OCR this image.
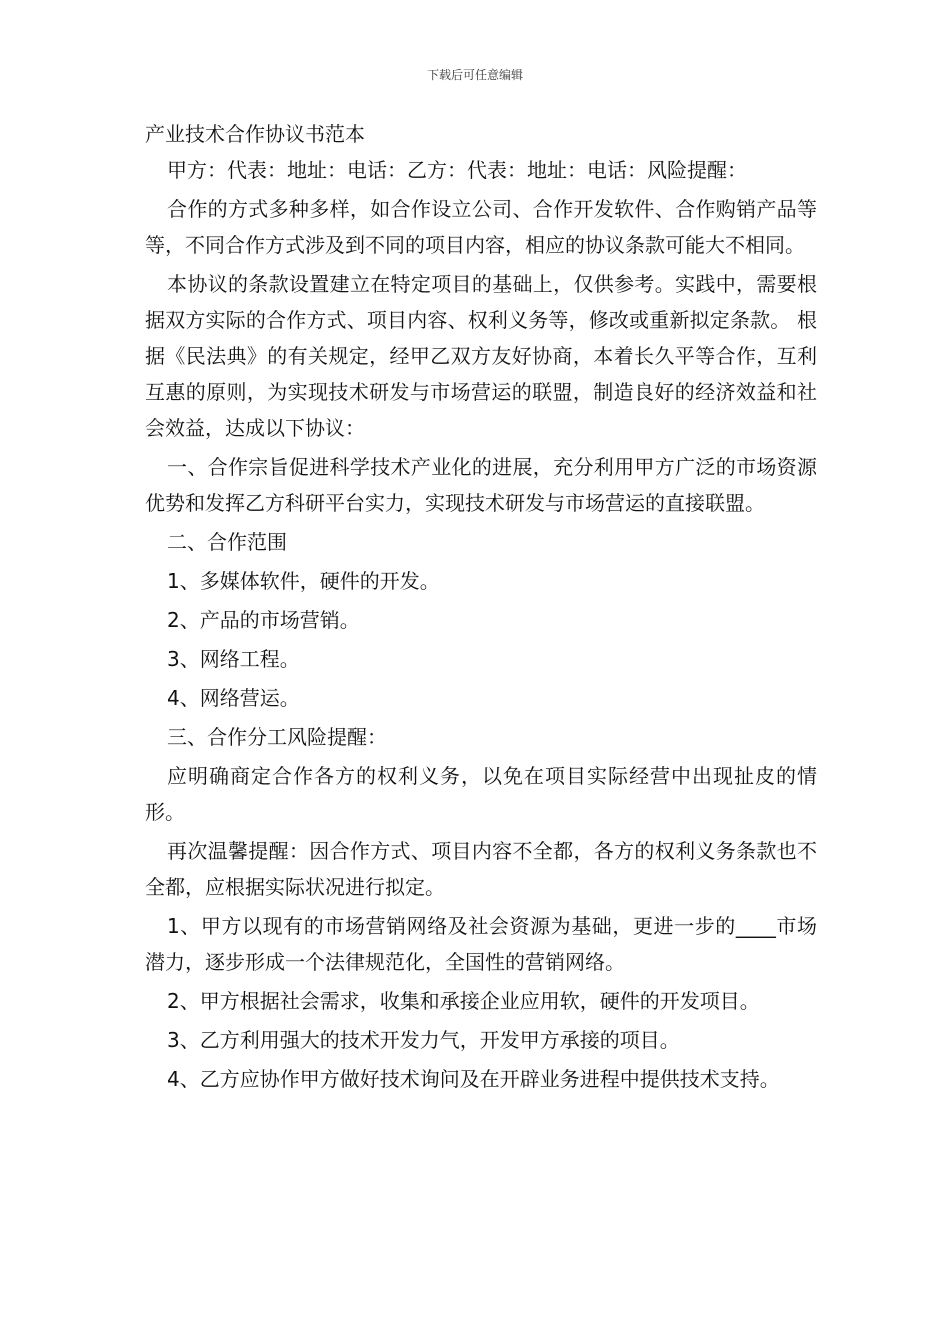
下载后可任意编辑

产业技术合作协议书范本

甲方：代表：地址：电话：乙方：代表：地址：电话：风险提醒：

合作的方式多种多样，如合作设立公司、合作开发软件、合作购销产品等等，不同合作方式涉及到不同的项目内容，相应的协议条款可能大不相同。

本协议的条款设置建立在特定项目的基础上，仅供参考。实践中，需要根据双方实际的合作方式、项目内容、权利义务等，修改或重新拟定条款。 根据《民法典》的有关规定，经甲乙双方友好协商，本着长久平等合作，互利互惠的原则，为实现技术研发与市场营运的联盟，制造良好的经济效益和社会效益，达成以下协议：

一、合作宗旨促进科学技术产业化的进展，充分利用甲方广泛的市场资源优势和发挥乙方科研平台实力，实现技术研发与市场营运的直接联盟。

二、合作范围

1、多媒体软件，硬件的开发。

2、产品的市场营销。

3、网络工程。

4、网络营运。

三、合作分工风险提醒：

应明确商定合作各方的权利义务，以免在项目实际经营中出现扯皮的情形。

再次温馨提醒：因合作方式、项目内容不全都，各方的权利义务条款也不全都，应根据实际状况进行拟定。

1、甲方以现有的市场营销网络及社会资源为基础，更进一步的____市场潜力，逐步形成一个法律规范化，全国性的营销网络。

2、甲方根据社会需求，收集和承接企业应用软，硬件的开发项目。

3、乙方利用强大的技术开发力气，开发甲方承接的项目。

4、乙方应协作甲方做好技术询问及在开辟业务进程中提供技术支持。
